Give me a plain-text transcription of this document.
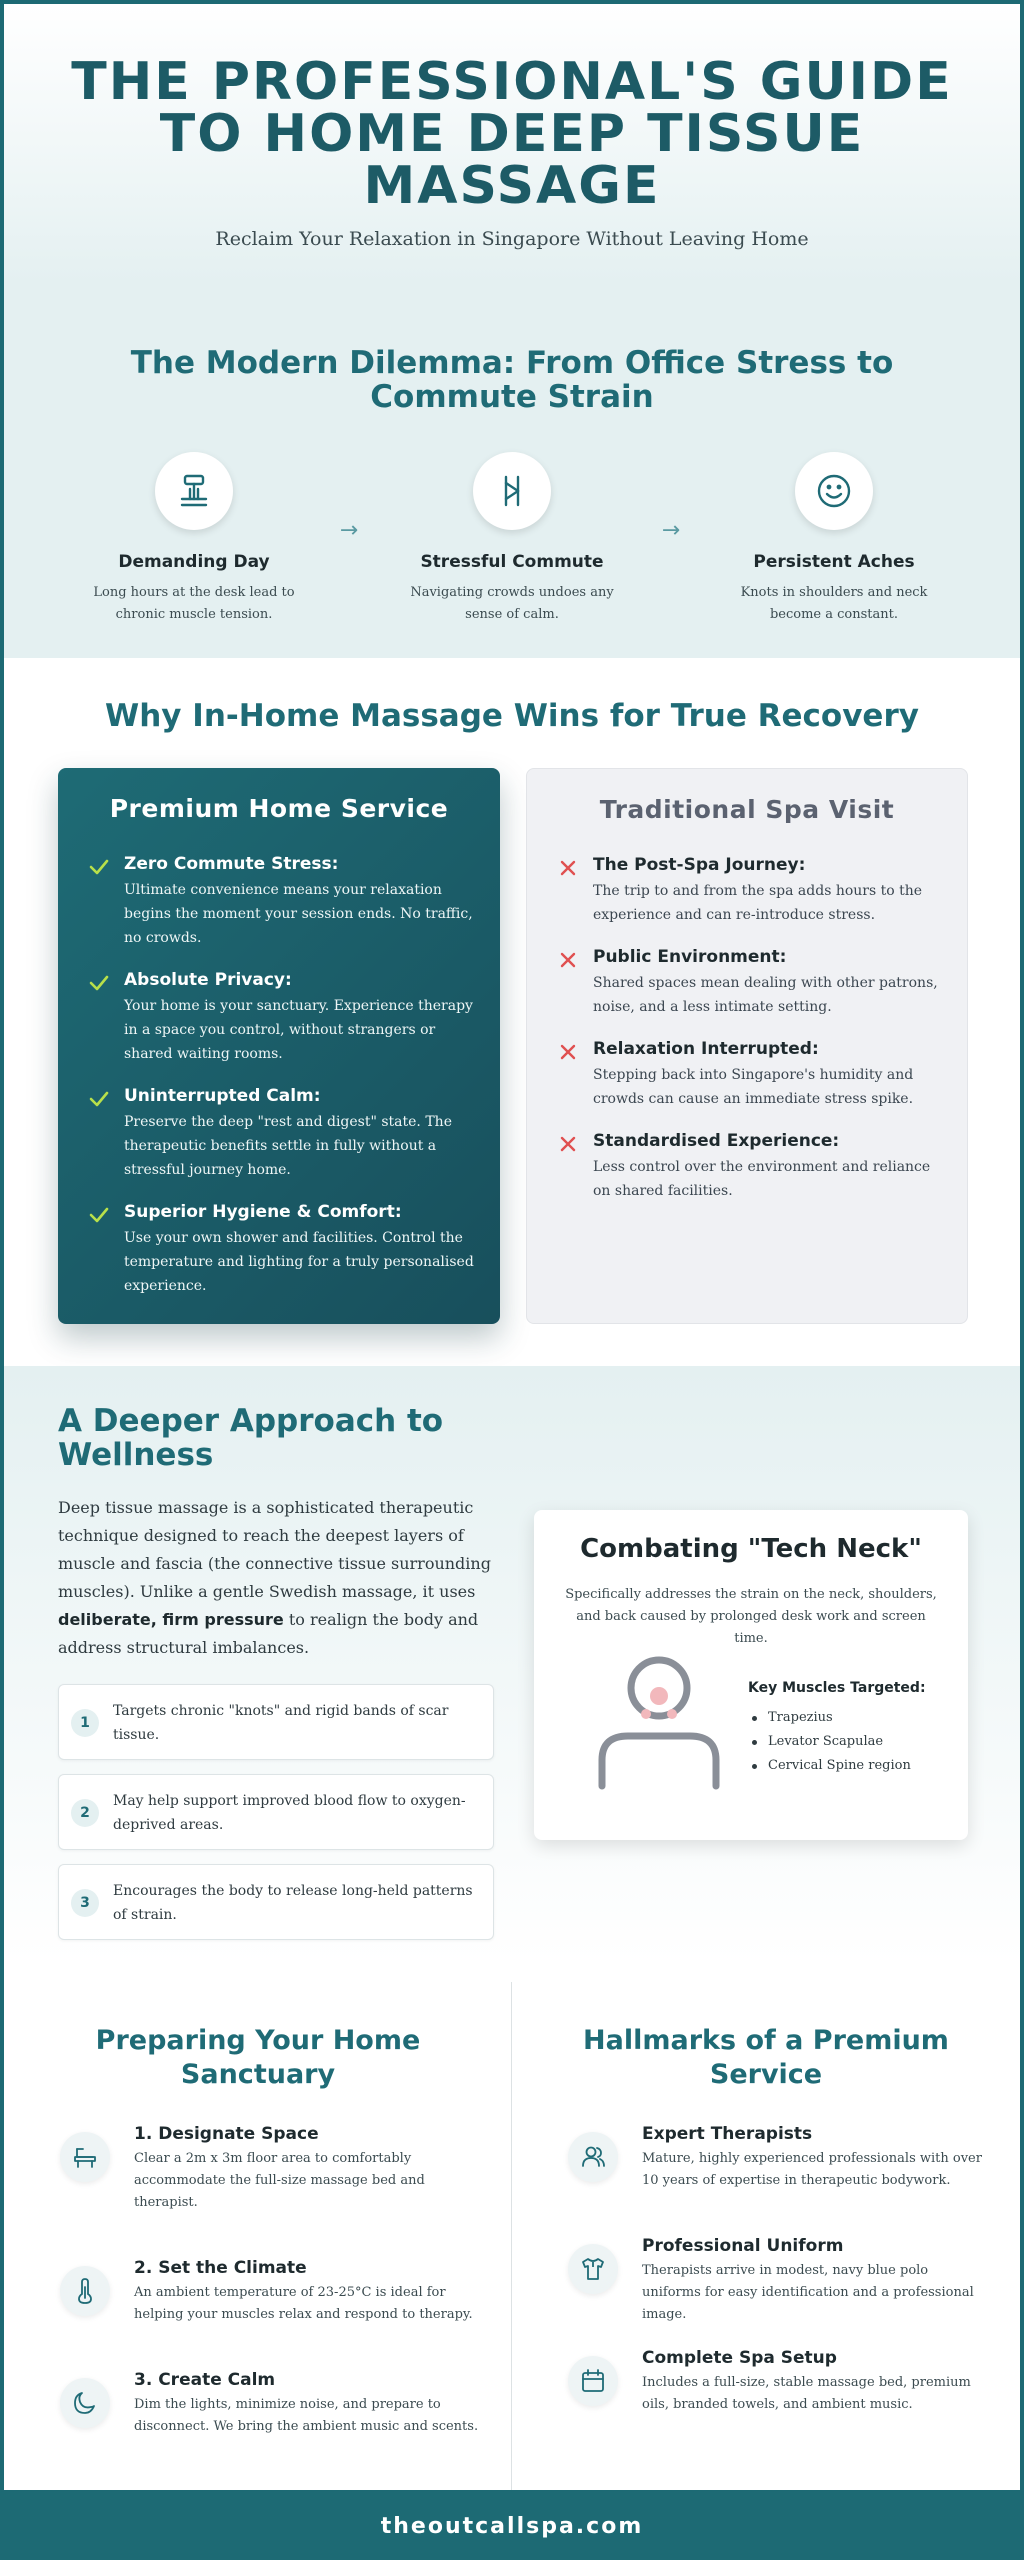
THE PROFESSIONAL'S GUIDE TO HOME DEEP TISSUE MASSAGE

Reclaim Your Relaxation in Singapore Without Leaving Home

The Modern Dilemma: From Office Stress to Commute Strain
Demanding Day
Long hours at the desk lead to chronic muscle tension.
→
Stressful Commute
Navigating crowds undoes any sense of calm.
→
Persistent Aches
Knots in shoulders and neck become a constant.
Why In-Home Massage Wins for True Recovery
Premium Home Service
Zero Commute Stress:
Ultimate convenience means your relaxation begins the moment your session ends. No traffic, no crowds.
Absolute Privacy:
Your home is your sanctuary. Experience therapy in a space you control, without strangers or shared waiting rooms.
Uninterrupted Calm:
Preserve the deep "rest and digest" state. The therapeutic benefits settle in fully without a stressful journey home.
Superior Hygiene & Comfort:
Use your own shower and facilities. Control the temperature and lighting for a truly personalised experience.
Traditional Spa Visit
The Post-Spa Journey:
The trip to and from the spa adds hours to the experience and can re-introduce stress.
Public Environment:
Shared spaces mean dealing with other patrons, noise, and a less intimate setting.
Relaxation Interrupted:
Stepping back into Singapore's humidity and crowds can cause an immediate stress spike.
Standardised Experience:
Less control over the environment and reliance on shared facilities.
A Deeper Approach to Wellness

Deep tissue massage is a sophisticated therapeutic technique designed to reach the deepest layers of muscle and fascia (the connective tissue surrounding muscles). Unlike a gentle Swedish massage, it uses deliberate, firm pressure to realign the body and address structural imbalances.

1
Targets chronic "knots" and rigid bands of scar tissue.
2
May help support improved blood flow to oxygen-deprived areas.
3
Encourages the body to release long-held patterns of strain.
Combating "Tech Neck"
Specifically addresses the strain on the neck, shoulders, and back caused by prolonged desk work and screen time.
Key Muscles Targeted:
Trapezius
Levator Scapulae
Cervical Spine region
Preparing Your Home Sanctuary
1. Designate Space
Clear a 2m x 3m floor area to comfortably accommodate the full-size massage bed and therapist.
2. Set the Climate
An ambient temperature of 23-25°C is ideal for helping your muscles relax and respond to therapy.
3. Create Calm
Dim the lights, minimize noise, and prepare to disconnect. We bring the ambient music and scents.
Hallmarks of a Premium Service
Expert Therapists
Mature, highly experienced professionals with over 10 years of expertise in therapeutic bodywork.
Professional Uniform
Therapists arrive in modest, navy blue polo uniforms for easy identification and a professional image.
Complete Spa Setup
Includes a full-size, stable massage bed, premium oils, branded towels, and ambient music.
theoutcallspa.com
